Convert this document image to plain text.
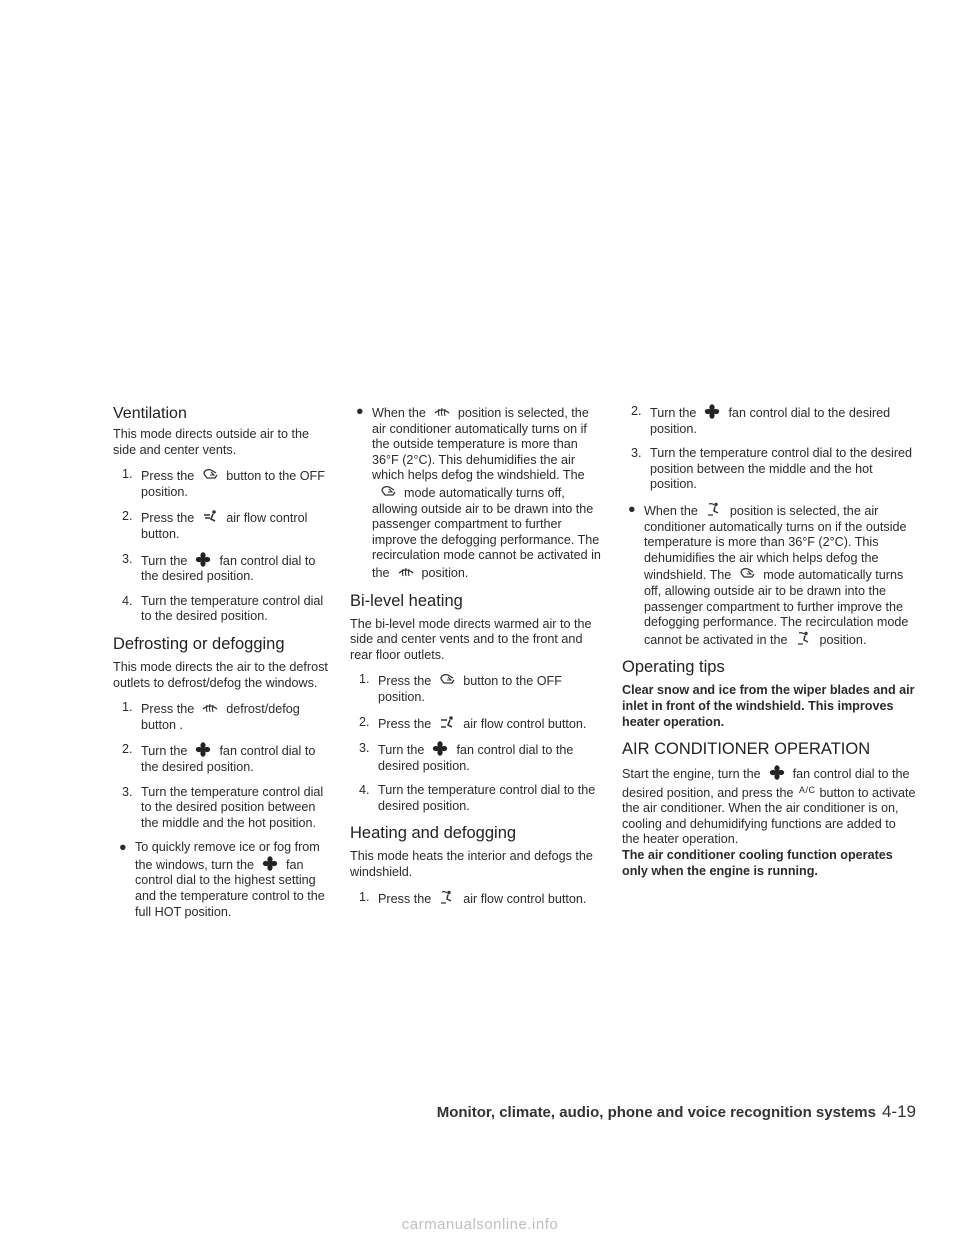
Ventilation

This mode directs outside air to the side and center vents.

1. Press the	button to the OFF position.
2. Press the	air flow control button.
3. Turn the	fan control dial to the desired position.
4. Turn the temperature control dial to the desired position.
Defrosting or defogging

This mode directs the air to the defrost outlets to defrost/defog the windows.

1. Press the	defrost/defog button .
2. Turn the	fan control dial to the desired position.
3. Turn the temperature control dial to the desired position between the middle and the hot position.
● To quickly remove ice or fog from the windows, turn the	fan control dial to the highest setting and the temperature control to the full HOT position.
● When the	position is selected, the air conditioner automatically turns on if the outside temperature is more than 36°F (2°C). This dehumidifies the air which helps defog the windshield. Themode automatically turns off, allowing outside air to be drawn into the passenger compartment to further improve the defogging performance. The recirculation mode cannot be activated in the	position.
Bi-level heating

The bi-level mode directs warmed air to the side and center vents and to the front and rear floor outlets.

1. Press the	button to the OFF position.
2. Press the	air flow control button.
3. Turn the	fan control dial to the desired position.
4. Turn the temperature control dial to the desired position.
Heating and defogging

This mode heats the interior and defogs the windshield.

1. Press the	air flow control button.
2. Turn the	fan control dial to the desired position.
3. Turn the temperature control dial to the desired position between the middle and the hot position.
● When the	position is selected, the air conditioner automatically turns on if the outside temperature is more than 36°F (2°C). This dehumidifies the air which helps defog the windshield. The	mode automatically turns off, allowing outside air to be drawn into the passenger compartment to further improve the defogging performance. The recirculation mode cannot be activated in the	position.
Operating tips

Clear snow and ice from the wiper blades and air inlet in front of the windshield. This improves heater operation.

AIR CONDITIONER OPERATION

Start the engine, turn the	fan control dial to the desired position, and press the $^{A/C}$ button to activate the air conditioner. When the air conditioner is on, cooling and dehumidifying functions are added to the heater operation.

The air conditioner cooling function operates only when the engine is running.

Monitor, climate, audio, phone and voice recognition systems 4-19
carmanualsonline.info
